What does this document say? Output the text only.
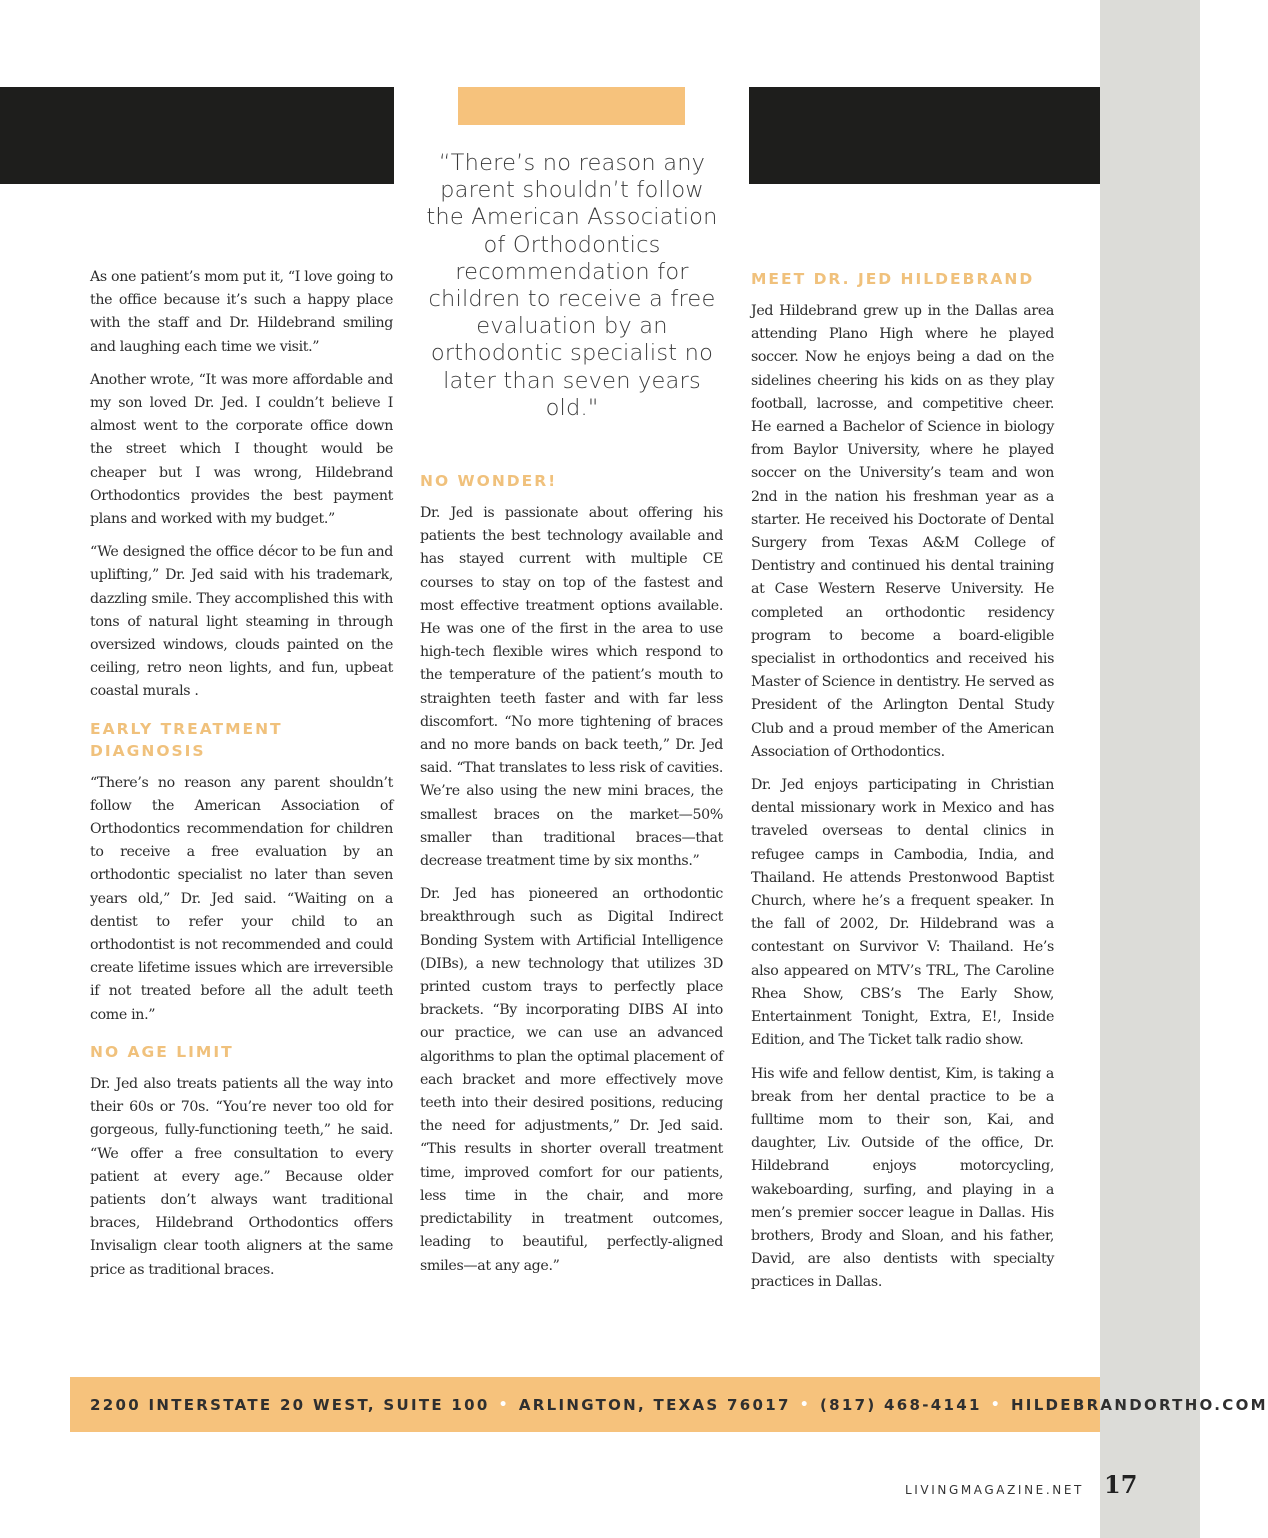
“There’s no reason any parent shouldn’t follow the American Association of Orthodontics recommendation for children to receive a free evaluation by an orthodontic specialist no later than seven years old."

As one patient’s mom put it, “I love going to the office because it’s such a happy place with the staff and Dr. Hildebrand smiling and laughing each time we visit.”

Another wrote, “It was more affordable and my son loved Dr. Jed. I couldn’t believe I almost went to the corporate office down the street which I thought would be cheaper but I was wrong, Hildebrand Orthodontics provides the best payment plans and worked with my budget.”

“We designed the office décor to be fun and uplifting,” Dr. Jed said with his trademark, dazzling smile. They accomplished this with tons of natural light steaming in through oversized windows, clouds painted on the ceiling, retro neon lights, and fun, upbeat coastal murals .

EARLY TREATMENT DIAGNOSIS

“There’s no reason any parent shouldn’t follow the American Association of Orthodontics recommendation for children to receive a free evaluation by an orthodontic specialist no later than seven years old,” Dr. Jed said. “Waiting on a dentist to refer your child to an orthodontist is not recommended and could create lifetime issues which are irreversible if not treated before all the adult teeth come in.”

NO AGE LIMIT

Dr. Jed also treats patients all the way into their 60s or 70s. “You’re never too old for gorgeous, fully-functioning teeth,” he said. “We offer a free consultation to every patient at every age.” Because older patients don’t always want traditional braces, Hildebrand Orthodontics offers Invisalign clear tooth aligners at the same price as traditional braces.

NO WONDER!

Dr. Jed is passionate about offering his patients the best technology available and has stayed current with multiple CE courses to stay on top of the fastest and most effective treatment options available. He was one of the first in the area to use high-tech flexible wires which respond to the temperature of the patient’s mouth to straighten teeth faster and with far less discomfort. “No more tightening of braces and no more bands on back teeth,” Dr. Jed said. “That translates to less risk of cavities. We’re also using the new mini braces, the smallest braces on the market—50% smaller than traditional braces—that decrease treatment time by six months.”

Dr. Jed has pioneered an orthodontic breakthrough such as Digital Indirect Bonding System with Artificial Intelligence (DIBs), a new technology that utilizes 3D printed custom trays to perfectly place brackets. “By incorporating DIBS AI into our practice, we can use an advanced algorithms to plan the optimal placement of each bracket and more effectively move teeth into their desired positions, reducing the need for adjustments,” Dr. Jed said. “This results in shorter overall treatment time, improved comfort for our patients, less time in the chair, and more predictability in treatment outcomes, leading to beautiful, perfectly-aligned smiles—at any age.”

MEET DR. JED HILDEBRAND

Jed Hildebrand grew up in the Dallas area attending Plano High where he played soccer. Now he enjoys being a dad on the sidelines cheering his kids on as they play football, lacrosse, and competitive cheer. He earned a Bachelor of Science in biology from Baylor University, where he played soccer on the University’s team and won 2nd in the nation his freshman year as a starter. He received his Doctorate of Dental Surgery from Texas A&M College of Dentistry and continued his dental training at Case Western Reserve University. He completed an orthodontic residency program to become a board-eligible specialist in orthodontics and received his Master of Science in dentistry. He served as President of the Arlington Dental Study Club and a proud member of the American Association of Orthodontics.

Dr. Jed enjoys participating in Christian dental missionary work in Mexico and has traveled overseas to dental clinics in refugee camps in Cambodia, India, and Thailand. He attends Prestonwood Baptist Church, where he’s a frequent speaker. In the fall of 2002, Dr. Hildebrand was a contestant on Survivor V: Thailand. He’s also appeared on MTV’s TRL, The Caroline Rhea Show, CBS’s The Early Show, Entertainment Tonight, Extra, E!, Inside Edition, and The Ticket talk radio show.

His wife and fellow dentist, Kim, is taking a break from her dental practice to be a fulltime mom to their son, Kai, and daughter, Liv. Outside of the office, Dr. Hildebrand enjoys motorcycling, wakeboarding, surfing, and playing in a men’s premier soccer league in Dallas. His brothers, Brody and Sloan, and his father, David, are also dentists with specialty practices in Dallas.

2200 INTERSTATE 20 WEST, SUITE 100 • ARLINGTON, TEXAS 76017 • (817) 468-4141 • HILDEBRANDORTHO.COM
LIVINGMAGAZINE.NET 17
